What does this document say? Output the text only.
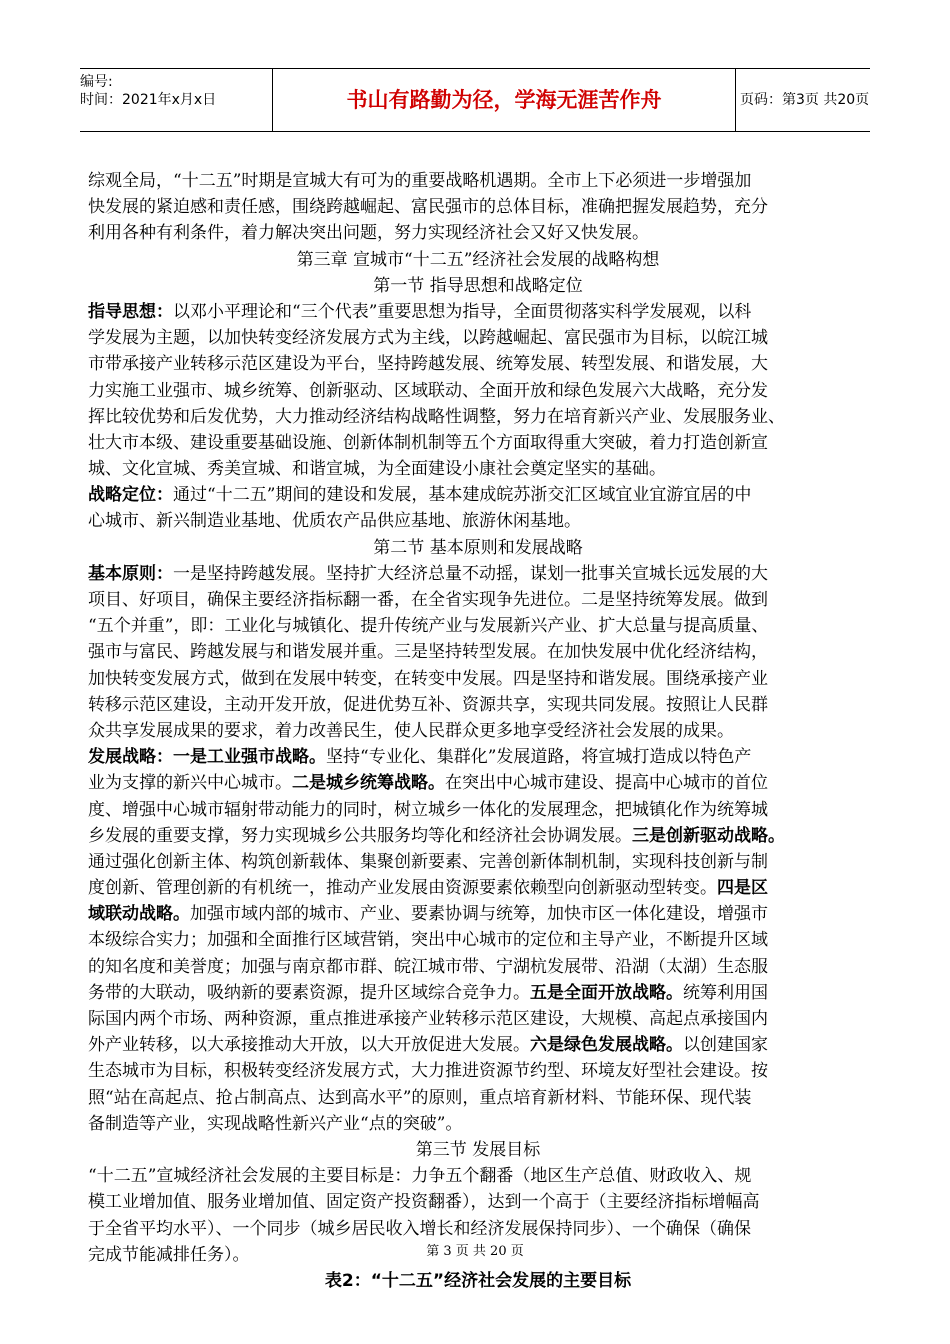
编号:
时间：2021年x月x日	书山有路勤为径，学海无涯苦作舟	页码：第3页 共20页
综观全局，“十二五”时期是宣城大有可为的重要战略机遇期。全市上下必须进一步增强加
快发展的紧迫感和责任感，围绕跨越崛起、富民强市的总体目标，准确把握发展趋势，充分
利用各种有利条件，着力解决突出问题，努力实现经济社会又好又快发展。
第三章 宣城市“十二五”经济社会发展的战略构想
第一节 指导思想和战略定位
指导思想：以邓小平理论和“三个代表”重要思想为指导，全面贯彻落实科学发展观，以科
学发展为主题，以加快转变经济发展方式为主线，以跨越崛起、富民强市为目标，以皖江城
市带承接产业转移示范区建设为平台，坚持跨越发展、统筹发展、转型发展、和谐发展，大
力实施工业强市、城乡统筹、创新驱动、区域联动、全面开放和绿色发展六大战略，充分发
挥比较优势和后发优势，大力推动经济结构战略性调整，努力在培育新兴产业、发展服务业、
壮大市本级、建设重要基础设施、创新体制机制等五个方面取得重大突破，着力打造创新宣
城、文化宣城、秀美宣城、和谐宣城，为全面建设小康社会奠定坚实的基础。
战略定位：通过“十二五”期间的建设和发展，基本建成皖苏浙交汇区域宜业宜游宜居的中
心城市、新兴制造业基地、优质农产品供应基地、旅游休闲基地。
第二节 基本原则和发展战略
基本原则：一是坚持跨越发展。坚持扩大经济总量不动摇，谋划一批事关宣城长远发展的大
项目、好项目，确保主要经济指标翻一番，在全省实现争先进位。二是坚持统筹发展。做到
“五个并重”，即：工业化与城镇化、提升传统产业与发展新兴产业、扩大总量与提高质量、
强市与富民、跨越发展与和谐发展并重。三是坚持转型发展。在加快发展中优化经济结构，
加快转变发展方式，做到在发展中转变，在转变中发展。四是坚持和谐发展。围绕承接产业
转移示范区建设，主动开发开放，促进优势互补、资源共享，实现共同发展。按照让人民群
众共享发展成果的要求，着力改善民生，使人民群众更多地享受经济社会发展的成果。
发展战略：一是工业强市战略。坚持“专业化、集群化”发展道路，将宣城打造成以特色产
业为支撑的新兴中心城市。二是城乡统筹战略。在突出中心城市建设、提高中心城市的首位
度、增强中心城市辐射带动能力的同时，树立城乡一体化的发展理念，把城镇化作为统筹城
乡发展的重要支撑，努力实现城乡公共服务均等化和经济社会协调发展。三是创新驱动战略。
通过强化创新主体、构筑创新载体、集聚创新要素、完善创新体制机制，实现科技创新与制
度创新、管理创新的有机统一，推动产业发展由资源要素依赖型向创新驱动型转变。四是区
域联动战略。加强市域内部的城市、产业、要素协调与统筹，加快市区一体化建设，增强市
本级综合实力；加强和全面推行区域营销，突出中心城市的定位和主导产业，不断提升区域
的知名度和美誉度；加强与南京都市群、皖江城市带、宁湖杭发展带、沿湖（太湖）生态服
务带的大联动，吸纳新的要素资源，提升区域综合竞争力。五是全面开放战略。统筹利用国
际国内两个市场、两种资源，重点推进承接产业转移示范区建设，大规模、高起点承接国内
外产业转移，以大承接推动大开放，以大开放促进大发展。六是绿色发展战略。以创建国家
生态城市为目标，积极转变经济发展方式，大力推进资源节约型、环境友好型社会建设。按
照“站在高起点、抢占制高点、达到高水平”的原则，重点培育新材料、节能环保、现代装
备制造等产业，实现战略性新兴产业“点的突破”。
第三节 发展目标
“十二五”宣城经济社会发展的主要目标是：力争五个翻番（地区生产总值、财政收入、规
模工业增加值、服务业增加值、固定资产投资翻番），达到一个高于（主要经济指标增幅高
于全省平均水平）、一个同步（城乡居民收入增长和经济发展保持同步）、一个确保（确保
完成节能减排任务）。
表2：“十二五”经济社会发展的主要目标
第 3 页 共 20 页
